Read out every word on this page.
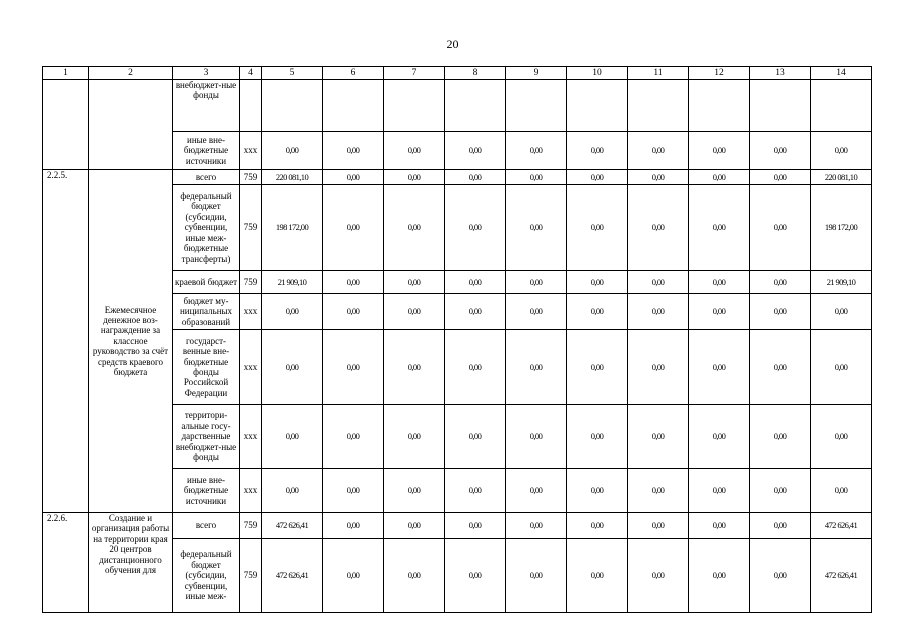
20
1	2	3	4	5	6	7	8	9	10	11	12	13	14
		внебюджет-ные фонды											
		иные вне-бюджетные источники	ххх	0,00	0,00	0,00	0,00	0,00	0,00	0,00	0,00	0,00	0,00
2.2.5.	Ежемесячное денежное воз-награждение за классное руководство за счёт средств краевого бюджета	всего	759	220 081,10	0,00	0,00	0,00	0,00	0,00	0,00	0,00	0,00	220 081,10
		федеральный бюджет (субсидии, субвенции, иные меж-бюджетные трансферты)	759	198 172,00	0,00	0,00	0,00	0,00	0,00	0,00	0,00	0,00	198 172,00
		краевой бюджет	759	21 909,10	0,00	0,00	0,00	0,00	0,00	0,00	0,00	0,00	21 909,10
		бюджет му-ниципальных образований	ххх	0,00	0,00	0,00	0,00	0,00	0,00	0,00	0,00	0,00	0,00
		государст-венные вне-бюджетные фонды Российской Федерации	ххх	0,00	0,00	0,00	0,00	0,00	0,00	0,00	0,00	0,00	0,00
		территори-альные госу-дарственные внебюджет-ные фонды	ххх	0,00	0,00	0,00	0,00	0,00	0,00	0,00	0,00	0,00	0,00
		иные вне-бюджетные источники	ххх	0,00	0,00	0,00	0,00	0,00	0,00	0,00	0,00	0,00	0,00
2.2.6.	Создание и организация работы на территории края 20 центров дистанционного обучения для	всего	759	472 626,41	0,00	0,00	0,00	0,00	0,00	0,00	0,00	0,00	472 626,41
		федеральный бюджет (субсидии, субвенции, иные меж-	759	472 626,41	0,00	0,00	0,00	0,00	0,00	0,00	0,00	0,00	472 626,41
